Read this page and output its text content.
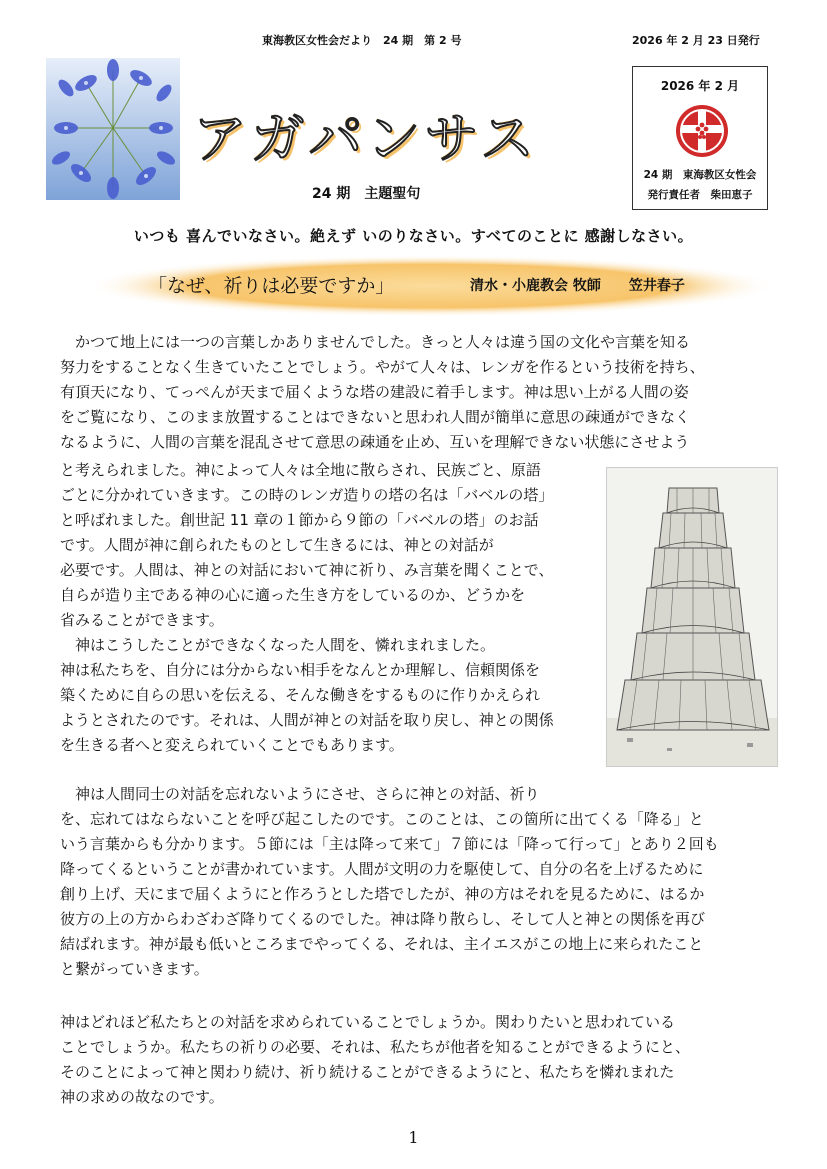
東海教区女性会だより　24 期　第 2 号	2026 年 2 月 23 日発行
アガパンサス
2026 年 2 月
24 期　東海教区女性会
発行責任者　柴田恵子
24 期　主題聖句
いつも 喜んでいなさい。絶えず いのりなさい。すべてのことに 感謝しなさい。
「なぜ、祈りは必要ですか」	清水・小鹿教会 牧師　　笠井春子
　かつて地上には一つの言葉しかありませんでした。きっと人々は違う国の文化や言葉を知る
努力をすることなく生きていたことでしょう。やがて人々は、レンガを作るという技術を持ち、
有頂天になり、てっぺんが天まで届くような塔の建設に着手します。神は思い上がる人間の姿
をご覧になり、このまま放置することはできないと思われ人間が簡単に意思の疎通ができなく
なるように、人間の言葉を混乱させて意思の疎通を止め、互いを理解できない状態にさせよう
と考えられました。神によって人々は全地に散らされ、民族ごと、原語
ごとに分かれていきます。この時のレンガ造りの塔の名は「バベルの塔」
と呼ばれました。創世記 11 章の１節から９節の「バベルの塔」のお話
です。人間が神に創られたものとして生きるには、神との対話が
必要です。人間は、神との対話において神に祈り、み言葉を聞くことで、
自らが造り主である神の心に適った生き方をしているのか、どうかを
省みることができます。
　神はこうしたことができなくなった人間を、憐れまれました。
神は私たちを、自分には分からない相手をなんとか理解し、信頼関係を
築くために自らの思いを伝える、そんな働きをするものに作りかえられ
ようとされたのです。それは、人間が神との対話を取り戻し、神との関係
を生きる者へと変えられていくことでもあります。
　神は人間同士の対話を忘れないようにさせ、さらに神との対話、祈り
を、忘れてはならないことを呼び起こしたのです。このことは、この箇所に出てくる「降る」と
いう言葉からも分かります。５節には「主は降って来て」７節には「降って行って」とあり２回も
降ってくるということが書かれています。人間が文明の力を駆使して、自分の名を上げるために
創り上げ、天にまで届くようにと作ろうとした塔でしたが、神の方はそれを見るために、はるか
彼方の上の方からわざわざ降りてくるのでした。神は降り散らし、そして人と神との関係を再び
結ばれます。神が最も低いところまでやってくる、それは、主イエスがこの地上に来られたこと
と繋がっていきます。
神はどれほど私たちとの対話を求められていることでしょうか。関わりたいと思われている
ことでしょうか。私たちの祈りの必要、それは、私たちが他者を知ることができるようにと、
そのことによって神と関わり続け、祈り続けることができるようにと、私たちを憐れまれた
神の求めの故なのです。
1
